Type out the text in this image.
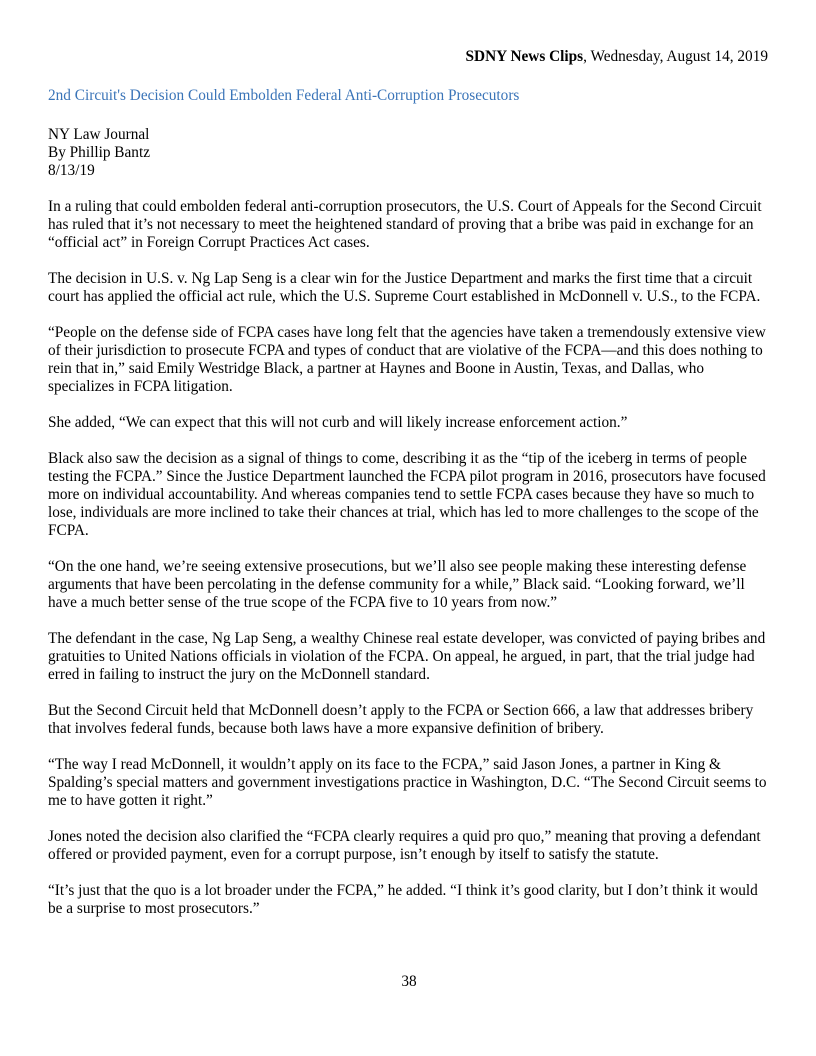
SDNY News Clips, Wednesday, August 14, 2019
2nd Circuit's Decision Could Embolden Federal Anti-Corruption Prosecutors
NY Law Journal
By Phillip Bantz
8/13/19

In a ruling that could embolden federal anti-corruption prosecutors, the U.S. Court of Appeals for the Second Circuit has ruled that it’s not necessary to meet the heightened standard of proving that a bribe was paid in exchange for an “official act” in Foreign Corrupt Practices Act cases.

The decision in U.S. v. Ng Lap Seng is a clear win for the Justice Department and marks the first time that a circuit court has applied the official act rule, which the U.S. Supreme Court established in McDonnell v. U.S., to the FCPA.

“People on the defense side of FCPA cases have long felt that the agencies have taken a tremendously extensive view of their jurisdiction to prosecute FCPA and types of conduct that are violative of the FCPA—and this does nothing to rein that in,” said Emily Westridge Black, a partner at Haynes and Boone in Austin, Texas, and Dallas, who specializes in FCPA litigation.

She added, “We can expect that this will not curb and will likely increase enforcement action.”

Black also saw the decision as a signal of things to come, describing it as the “tip of the iceberg in terms of people testing the FCPA.” Since the Justice Department launched the FCPA pilot program in 2016, prosecutors have focused more on individual accountability. And whereas companies tend to settle FCPA cases because they have so much to lose, individuals are more inclined to take their chances at trial, which has led to more challenges to the scope of the FCPA.

“On the one hand, we’re seeing extensive prosecutions, but we’ll also see people making these interesting defense arguments that have been percolating in the defense community for a while,” Black said. “Looking forward, we’ll have a much better sense of the true scope of the FCPA five to 10 years from now.”

The defendant in the case, Ng Lap Seng, a wealthy Chinese real estate developer, was convicted of paying bribes and gratuities to United Nations officials in violation of the FCPA. On appeal, he argued, in part, that the trial judge had erred in failing to instruct the jury on the McDonnell standard.

But the Second Circuit held that McDonnell doesn’t apply to the FCPA or Section 666, a law that addresses bribery that involves federal funds, because both laws have a more expansive definition of bribery.

“The way I read McDonnell, it wouldn’t apply on its face to the FCPA,” said Jason Jones, a partner in King & Spalding’s special matters and government investigations practice in Washington, D.C. “The Second Circuit seems to me to have gotten it right.”

Jones noted the decision also clarified the “FCPA clearly requires a quid pro quo,” meaning that proving a defendant offered or provided payment, even for a corrupt purpose, isn’t enough by itself to satisfy the statute.

“It’s just that the quo is a lot broader under the FCPA,” he added. “I think it’s good clarity, but I don’t think it would be a surprise to most prosecutors.”

38
